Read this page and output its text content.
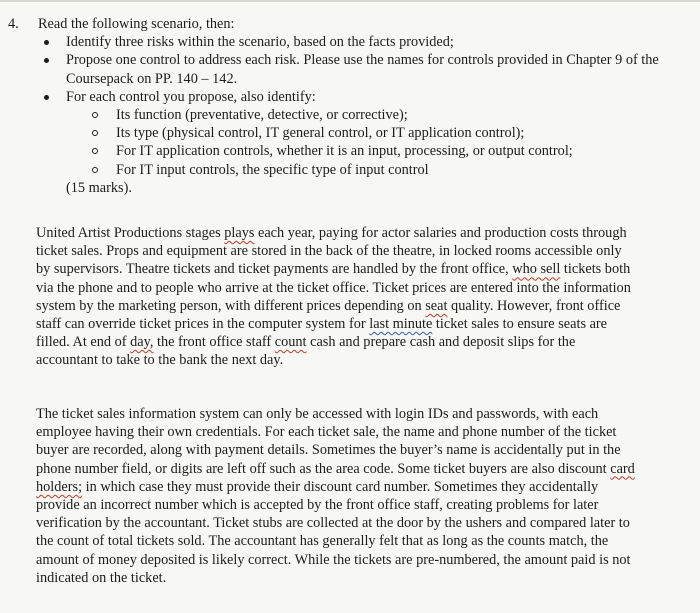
4. Read the following scenario, then:
Identify three risks within the scenario, based on the facts provided;
Propose one control to address each risk. Please use the names for controls provided in Chapter 9 of the Coursepack on PP. 140 – 142.
For each control you propose, also identify:
Its function (preventative, detective, or corrective);
Its type (physical control, IT general control, or IT application control);
For IT application controls, whether it is an input, processing, or output control;
For IT input controls, the specific type of input control
(15 marks).

United Artist Productions stages plays each year, paying for actor salaries and production costs through ticket sales. Props and equipment are stored in the back of the theatre, in locked rooms accessible only by supervisors. Theatre tickets and ticket payments are handled by the front office, who sell tickets both via the phone and to people who arrive at the ticket office. Ticket prices are entered into the information system by the marketing person, with different prices depending on seat quality. However, front office staff can override ticket prices in the computer system for last minute ticket sales to ensure seats are filled. At end of day, the front office staff count cash and prepare cash and deposit slips for the accountant to take to the bank the next day.

The ticket sales information system can only be accessed with login IDs and passwords, with each employee having their own credentials. For each ticket sale, the name and phone number of the ticket buyer are recorded, along with payment details. Sometimes the buyer’s name is accidentally put in the phone number field, or digits are left off such as the area code. Some ticket buyers are also discount card holders; in which case they must provide their discount card number. Sometimes they accidentally provide an incorrect number which is accepted by the front office staff, creating problems for later verification by the accountant. Ticket stubs are collected at the door by the ushers and compared later to the count of total tickets sold. The accountant has generally felt that as long as the counts match, the amount of money deposited is likely correct. While the tickets are pre-numbered, the amount paid is not indicated on the ticket.
